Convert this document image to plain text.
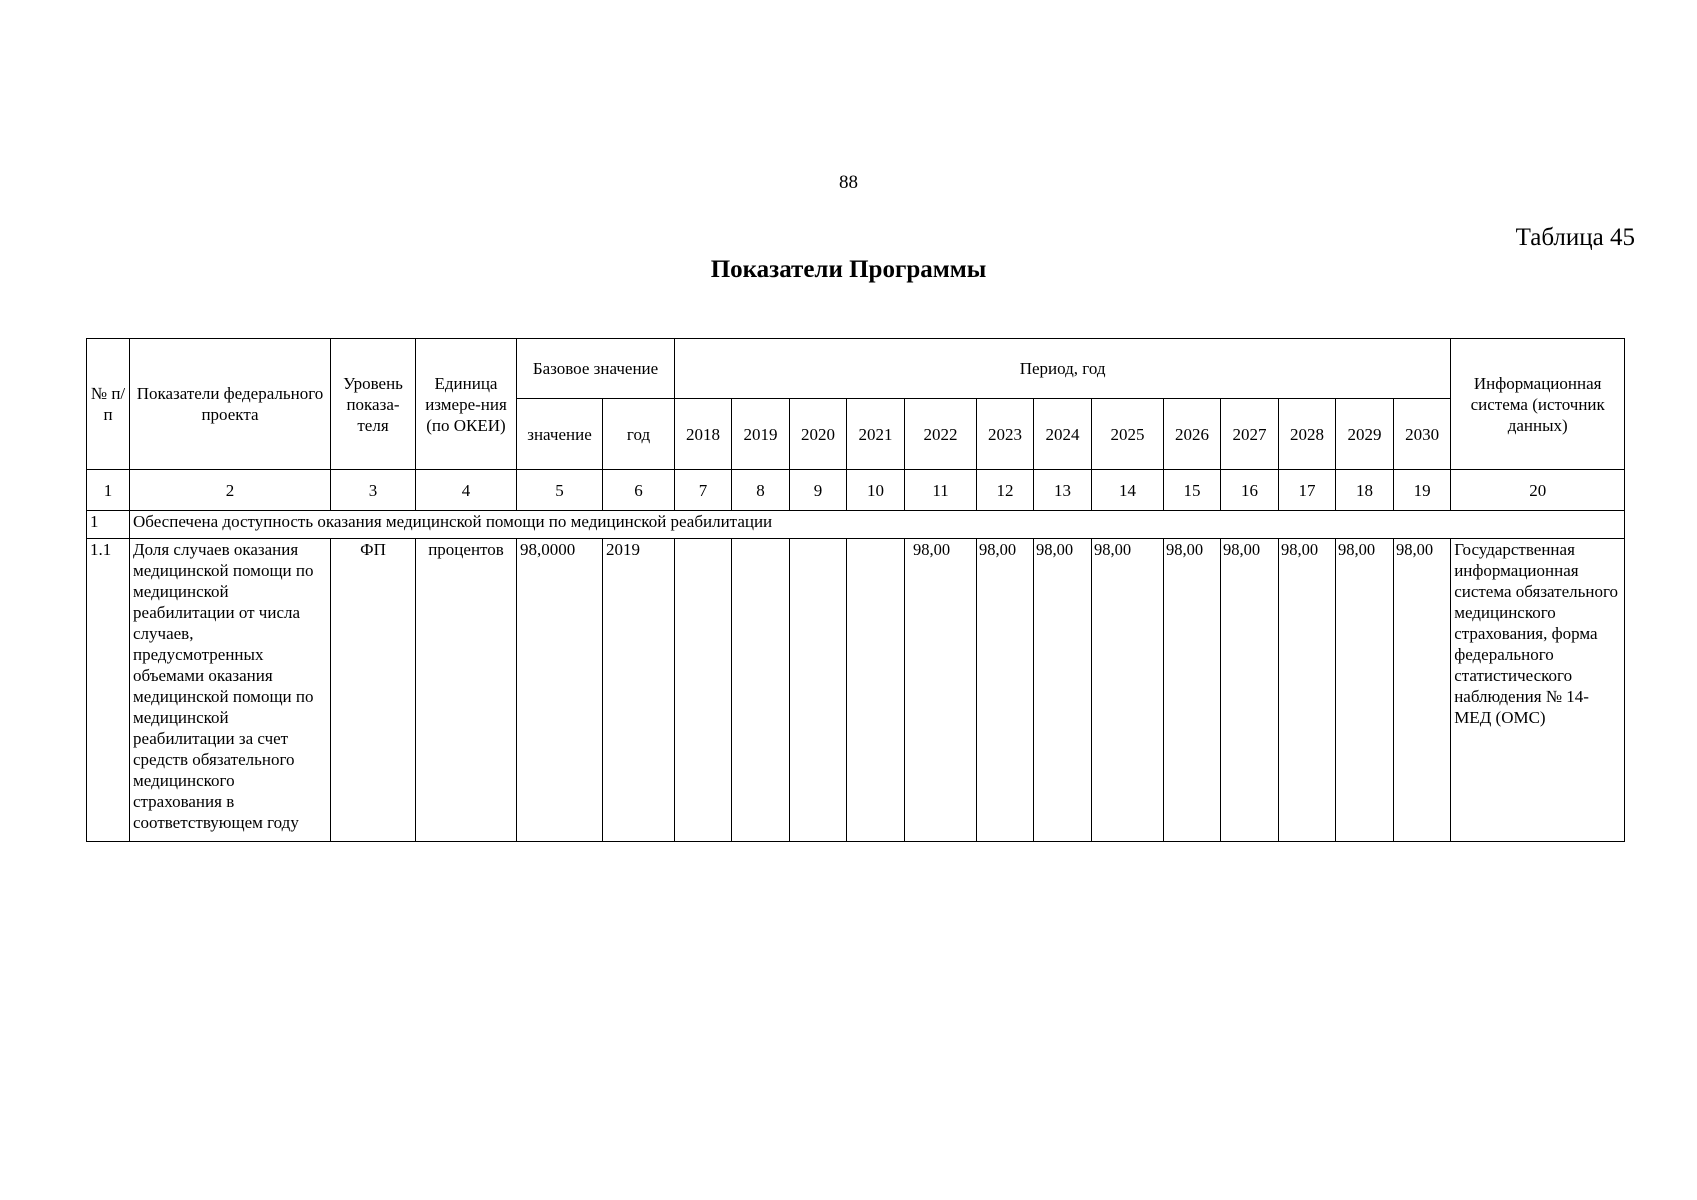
88
Таблица 45
Показатели Программы
№ п/п	Показатели федерального проекта	Уровень показа-теля	Единица измере-ния (по ОКЕИ)	Базовое значение		Период, год													Информационная система (источник данных)
				значение	год	2018	2019	2020	2021	2022	2023	2024	2025	2026	2027	2028	2029	2030	
1	2	3	4	5	6	7	8	9	10	11	12	13	14	15	16	17	18	19	20
1	Обеспечена доступность оказания медицинской помощи по медицинской реабилитации																		
1.1	Доля случаев оказания медицинской помощи по медицинской реабилитации от числа случаев, предусмотренных объемами оказания медицинской помощи по медицинской реабилитации за счет средств обязательного медицинского страхования в соответствующем году	ФП	процентов	98,0000	2019					98,00	98,00	98,00	98,00	98,00	98,00	98,00	98,00	98,00	Государственная информационная система обязательного медицинского страхования, форма федерального статистического наблюдения № 14-МЕД (ОМС)
